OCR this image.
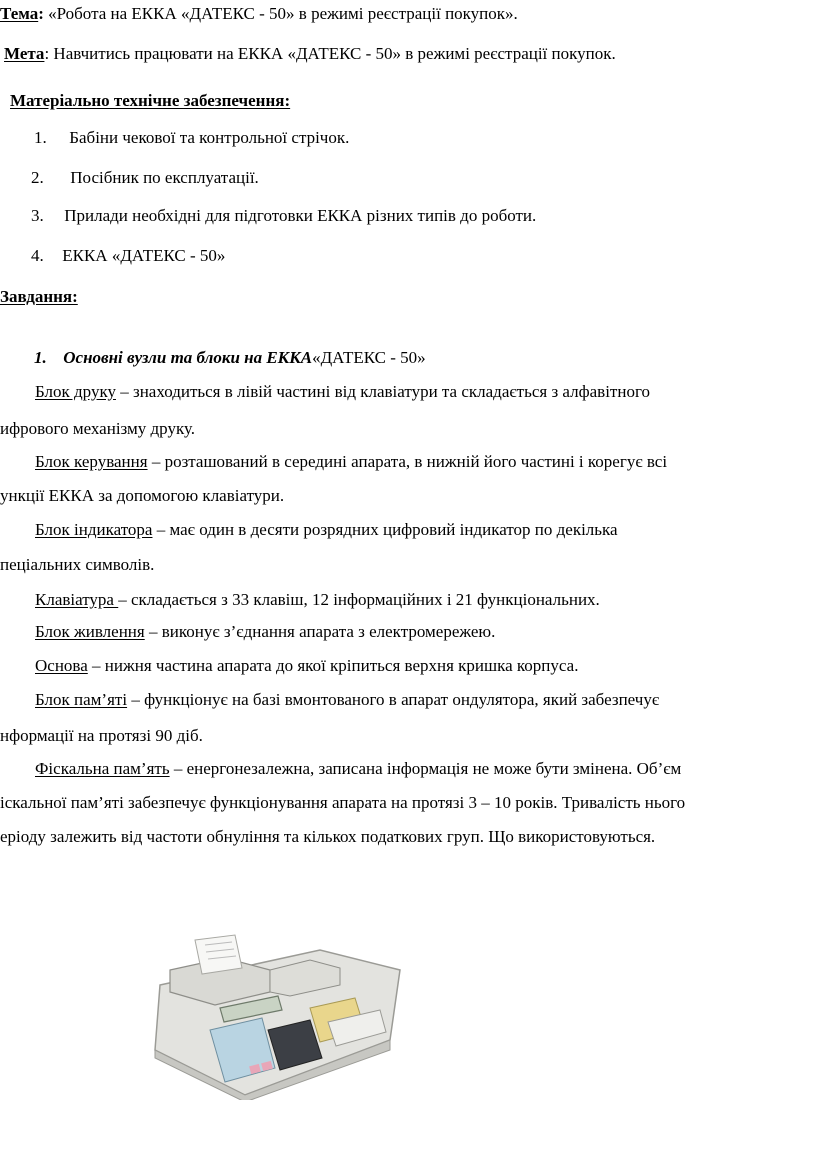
Тема: «Робота на ЕККА «ДАТЕКС - 50» в режимі реєстрації покупок».
Мета: Навчитись працювати на ЕККА «ДАТЕКС - 50» в режимі реєстрації покупок.
Матеріально технічне забезпечення:
1. Бабіни чекової та контрольної стрічок.
2. Посібник по експлуатації.
3. Прилади необхідні для підготовки ЕККА різних типів до роботи.
4. ЕККА «ДАТЕКС - 50»
Завдання:
1. Основні вузли та блоки на ЕККА«ДАТЕКС - 50»
Блок друку – знаходиться в лівій частині від клавіатури та складається з алфавітного
ифрового механізму друку.
Блок керування – розташований в середині апарата, в нижній його частині і корегує всі
ункції ЕККА за допомогою клавіатури.
Блок індикатора – має один в десяти розрядних цифровий індикатор по декілька
пеціальних символів.
Клавіатура – складається з 33 клавіш, 12 інформаційних і 21 функціональних.
Блок живлення – виконує з’єднання апарата з електромережею.
Основа – нижня частина апарата до якої кріпиться верхня кришка корпуса.
Блок пам’яті – функціонує на базі вмонтованого в апарат ондулятора, який забезпечує
нформації на протязі 90 діб.
Фіскальна пам’ять – енергонезалежна, записана інформація не може бути змінена. Об’єм
іскальної пам’яті забезпечує функціонування апарата на протязі 3 – 10 років. Тривалість нього
еріоду залежить від частоти обнуління та кількох податкових груп. Що використовуються.
